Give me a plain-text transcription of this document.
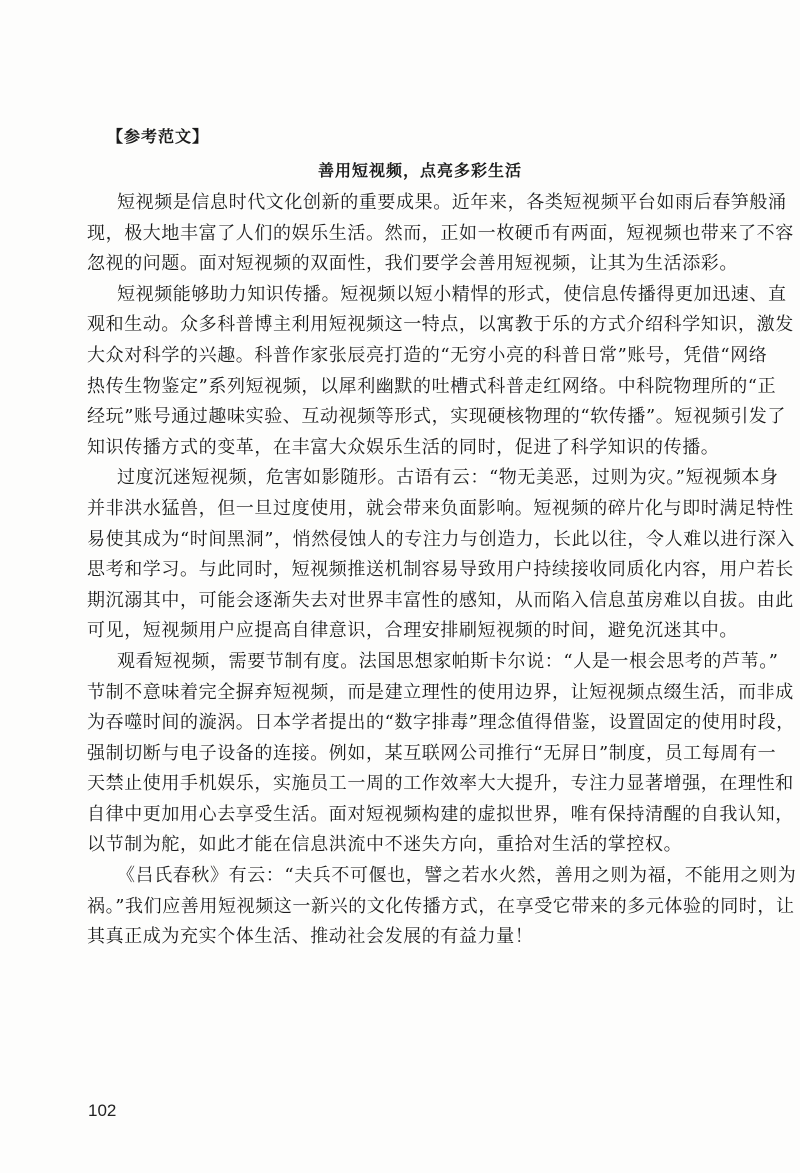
【参考范文】
善用短视频，点亮多彩生活

短视频是信息时代文化创新的重要成果。近年来，各类短视频平台如雨后春笋般涌
现，极大地丰富了人们的娱乐生活。然而，正如一枚硬币有两面，短视频也带来了不容
忽视的问题。面对短视频的双面性，我们要学会善用短视频，让其为生活添彩。

短视频能够助力知识传播。短视频以短小精悍的形式，使信息传播得更加迅速、直
观和生动。众多科普博主利用短视频这一特点，以寓教于乐的方式介绍科学知识，激发
大众对科学的兴趣。科普作家张辰亮打造的“无穷小亮的科普日常”账号，凭借“网络
热传生物鉴定”系列短视频，以犀利幽默的吐槽式科普走红网络。中科院物理所的“正
经玩”账号通过趣味实验、互动视频等形式，实现硬核物理的“软传播”。短视频引发了
知识传播方式的变革，在丰富大众娱乐生活的同时，促进了科学知识的传播。

过度沉迷短视频，危害如影随形。古语有云：“物无美恶，过则为灾。”短视频本身
并非洪水猛兽，但一旦过度使用，就会带来负面影响。短视频的碎片化与即时满足特性
易使其成为“时间黑洞”，悄然侵蚀人的专注力与创造力，长此以往，令人难以进行深入
思考和学习。与此同时，短视频推送机制容易导致用户持续接收同质化内容，用户若长
期沉溺其中，可能会逐渐失去对世界丰富性的感知，从而陷入信息茧房难以自拔。由此
可见，短视频用户应提高自律意识，合理安排刷短视频的时间，避免沉迷其中。

观看短视频，需要节制有度。法国思想家帕斯卡尔说：“人是一根会思考的芦苇。”
节制不意味着完全摒弃短视频，而是建立理性的使用边界，让短视频点缀生活，而非成
为吞噬时间的漩涡。日本学者提出的“数字排毒”理念值得借鉴，设置固定的使用时段，
强制切断与电子设备的连接。例如，某互联网公司推行“无屏日”制度，员工每周有一
天禁止使用手机娱乐，实施员工一周的工作效率大大提升，专注力显著增强，在理性和
自律中更加用心去享受生活。面对短视频构建的虚拟世界，唯有保持清醒的自我认知，
以节制为舵，如此才能在信息洪流中不迷失方向，重拾对生活的掌控权。

《吕氏春秋》有云：“夫兵不可偃也，譬之若水火然，善用之则为福，不能用之则为
祸。”我们应善用短视频这一新兴的文化传播方式，在享受它带来的多元体验的同时，让
其真正成为充实个体生活、推动社会发展的有益力量！

102
